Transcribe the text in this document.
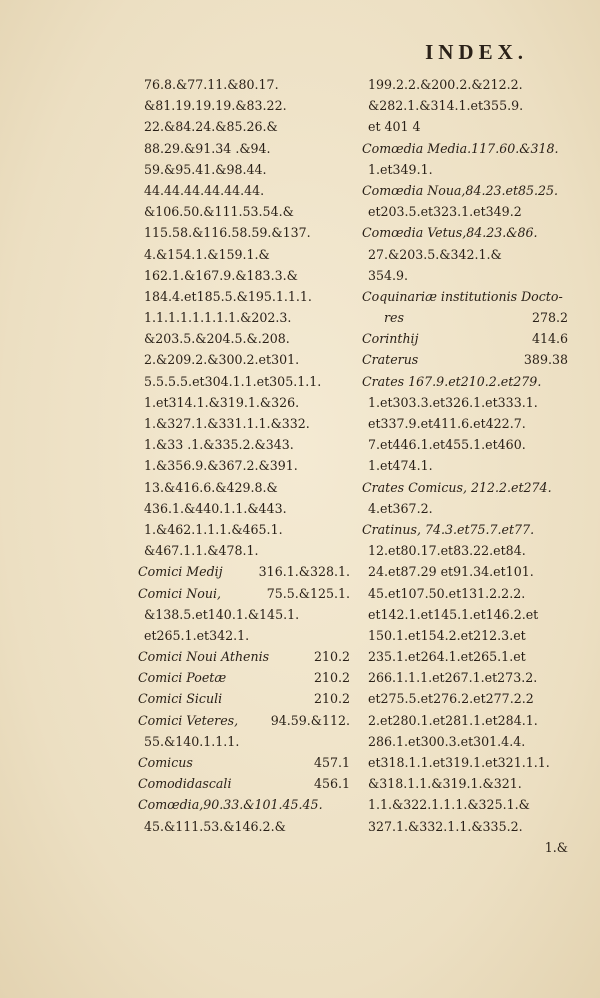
INDEX.
76.8.&77.11.&80.17.
&81.19.19.19.&83.22.
22.&84.24.&85.26.&
88.29.&91.34 .&94.
59.&95.41.&98.44.
44.44.44.44.44.44.
&106.50.&111.53.54.&
115.58.&116.58.59.&137.
4.&154.1.&159.1.&
162.1.&167.9.&183.3.&
184.4.et185.5.&195.1.1.1.
1.1.1.1.1.1.1.1.&202.3.
&203.5.&204.5.&.208.
2.&209.2.&300.2.et301.
5.5.5.5.et304.1.1.et305.1.1.
1.et314.1.&319.1.&326.
1.&327.1.&331.1.1.&332.
1.&33 .1.&335.2.&343.
1.&356.9.&367.2.&391.
13.&416.6.&429.8.&
436.1.&440.1.1.&443.
1.&462.1.1.1.&465.1.
&467.1.1.&478.1.
Comici Medij	316.1.&328.1.
Comici Noui,	75.5.&125.1.
&138.5.et140.1.&145.1.
et265.1.et342.1.
Comici Noui Athenis	210.2
Comici Poetæ	210.2
Comici Siculi	210.2
Comici Veteres,	94.59.&112.
55.&140.1.1.1.
Comicus	457.1
Comodidascali	456.1
Comœdia,90.33.&101.45.45.
45.&111.53.&146.2.&
199.2.2.&200.2.&212.2.
&282.1.&314.1.et355.9.
et 401 4
Comœdia Media.117.60.&318.
1.et349.1.
Comœdia Noua,84.23.et85.25.
et203.5.et323.1.et349.2
Comœdia Vetus,84.23.&86.
27.&203.5.&342.1.&
354.9.
Coquinariæ institutionis Docto-
res	278.2
Corinthij	414.6
Craterus	389.38
Crates 167.9.et210.2.et279.
1.et303.3.et326.1.et333.1.
et337.9.et411.6.et422.7.
7.et446.1.et455.1.et460.
1.et474.1.
Crates Comicus, 212.2.et274.
4.et367.2.
Cratinus, 74.3.et75.7.et77.
12.et80.17.et83.22.et84.
24.et87.29 et91.34.et101.
45.et107.50.et131.2.2.2.
et142.1.et145.1.et146.2.et
150.1.et154.2.et212.3.et
235.1.et264.1.et265.1.et
266.1.1.1.et267.1.et273.2.
et275.5.et276.2.et277.2.2
2.et280.1.et281.1.et284.1.
286.1.et300.3.et301.4.4.
et318.1.1.et319.1.et321.1.1.
&318.1.1.&319.1.&321.
1.1.&322.1.1.1.&325.1.&
327.1.&332.1.1.&335.2.
1.&
